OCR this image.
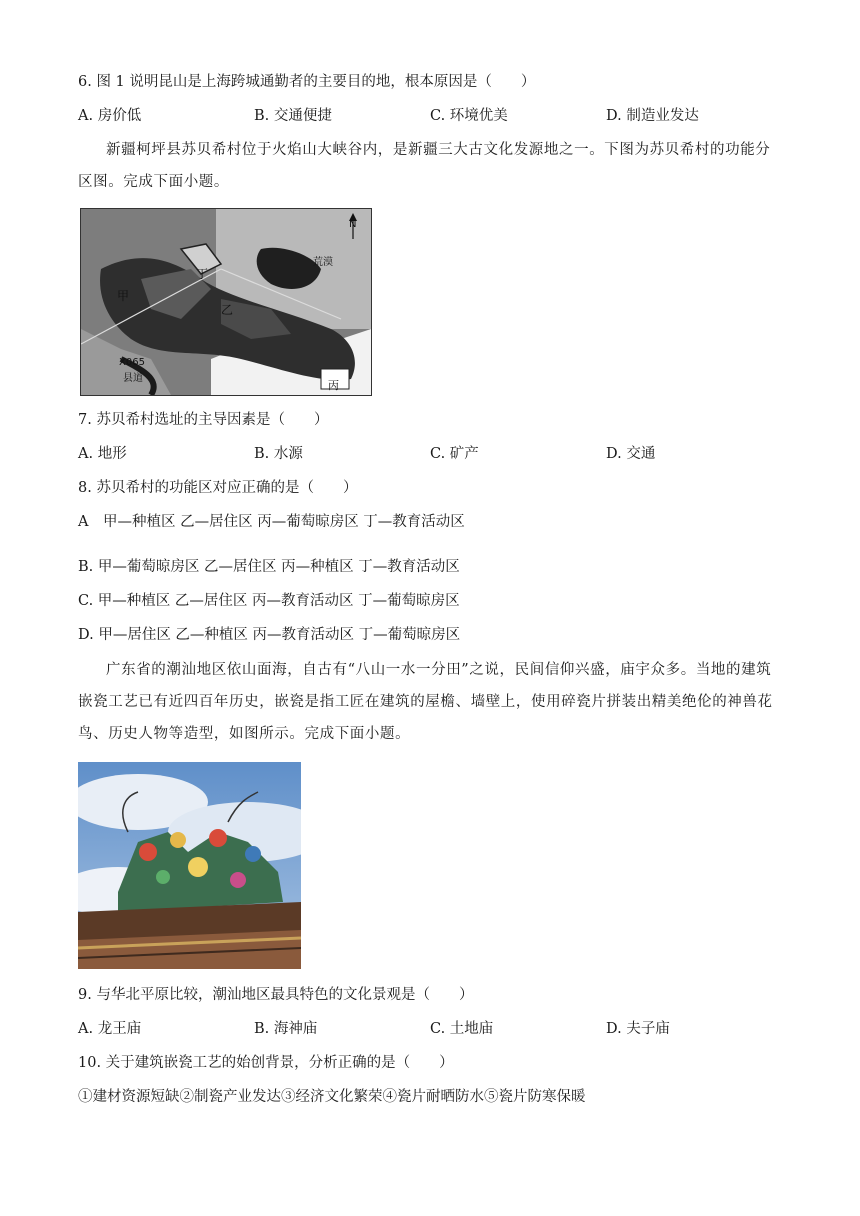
6. 图 1 说明昆山是上海跨城通勤者的主要目的地，根本原因是（　　）
A. 房价低	B. 交通便捷	C. 环境优美	D. 制造业发达

新疆柯坪县苏贝希村位于火焰山大峡谷内，是新疆三大古文化发源地之一。下图为苏贝希村的功能分区图。完成下面小题。

N
荒漠
甲
丁
乙
丙
X065
县道
7. 苏贝希村选址的主导因素是（　　）
A. 地形	B. 水源	C. 矿产	D. 交通
8. 苏贝希村的功能区对应正确的是（　　）
A　甲—种植区 乙—居住区 丙—葡萄晾房区 丁—教育活动区
B. 甲—葡萄晾房区 乙—居住区 丙—种植区 丁—教育活动区
C. 甲—种植区 乙—居住区 丙—教育活动区 丁—葡萄晾房区
D. 甲—居住区 乙—种植区 丙—教育活动区 丁—葡萄晾房区

广东省的潮汕地区依山面海，自古有“八山一水一分田”之说，民间信仰兴盛，庙宇众多。当地的建筑嵌瓷工艺已有近四百年历史，嵌瓷是指工匠在建筑的屋檐、墙壁上，使用碎瓷片拼装出精美绝伦的神兽花鸟、历史人物等造型，如图所示。完成下面小题。

9. 与华北平原比较，潮汕地区最具特色的文化景观是（　　）
A. 龙王庙	B. 海神庙	C. 土地庙	D. 夫子庙
10. 关于建筑嵌瓷工艺的始创背景，分析正确的是（　　）
①建材资源短缺②制瓷产业发达③经济文化繁荣④瓷片耐晒防水⑤瓷片防寒保暖
